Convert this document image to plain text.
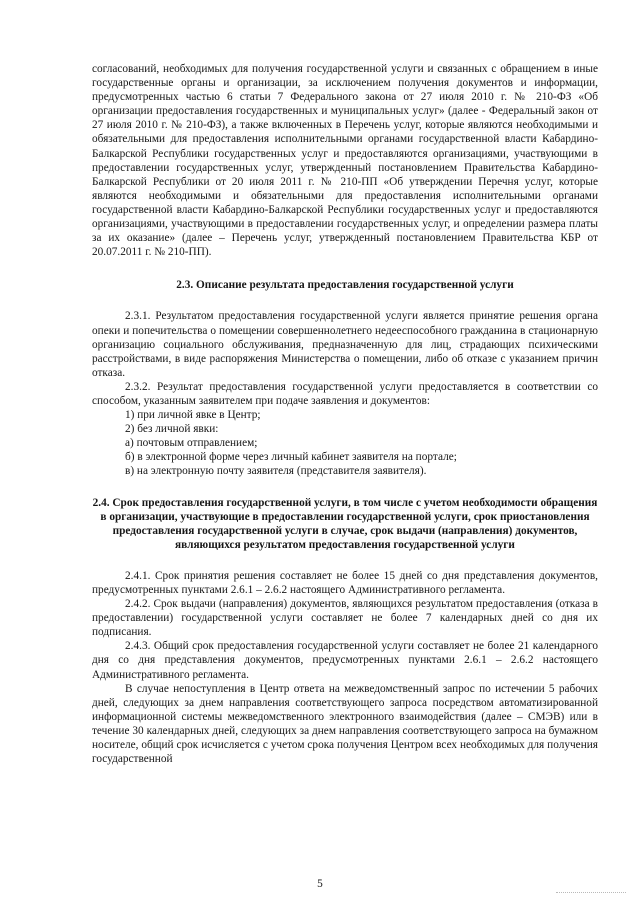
согласований, необходимых для получения государственной услуги и связанных с обращением в иные государственные органы и организации, за исключением получения документов и информации, предусмотренных частью 6 статьи 7 Федерального закона от 27 июля 2010 г. № 210-ФЗ «Об организации предоставления государственных и муниципальных услуг» (далее - Федеральный закон от 27 июля 2010 г. № 210-ФЗ), а также включенных в Перечень услуг, которые являются необходимыми и обязательными для предоставления исполнительными органами государственной власти Кабардино-Балкарской Республики государственных услуг и предоставляются организациями, участвующими в предоставлении государственных услуг, утвержденный постановлением Правительства Кабардино-Балкарской Республики от 20 июля 2011 г. № 210-ПП «Об утверждении Перечня услуг, которые являются необходимыми и обязательными для предоставления исполнительными органами государственной власти Кабардино-Балкарской Республики государственных услуг и предоставляются организациями, участвующими в предоставлении государственных услуг, и определении размера платы за их оказание» (далее – Перечень услуг, утвержденный постановлением Правительства КБР от 20.07.2011 г. № 210-ПП).

2.3. Описание результата предоставления государственной услуги

2.3.1. Результатом предоставления государственной услуги является принятие решения органа опеки и попечительства о помещении совершеннолетнего недееспособного гражданина в стационарную организацию социального обслуживания, предназначенную для лиц, страдающих психическими расстройствами, в виде распоряжения Министерства о помещении, либо об отказе с указанием причин отказа.

2.3.2. Результат предоставления государственной услуги предоставляется в соответствии со способом, указанным заявителем при подаче заявления и документов:

1) при личной явке в Центр;

2) без личной явки:

а) почтовым отправлением;

б) в электронной форме через личный кабинет заявителя на портале;

в) на электронную почту заявителя (представителя заявителя).

2.4. Срок предоставления государственной услуги, в том числе с учетом необходимости обращения в организации, участвующие в предоставлении государственной услуги, срок приостановления предоставления государственной услуги в случае, срок выдачи (направления) документов, являющихся результатом предоставления государственной услуги

2.4.1. Срок принятия решения составляет не более 15 дней со дня представления документов, предусмотренных пунктами 2.6.1 – 2.6.2 настоящего Административного регламента.

2.4.2. Срок выдачи (направления) документов, являющихся результатом предоставления (отказа в предоставлении) государственной услуги составляет не более 7 календарных дней со дня их подписания.

2.4.3. Общий срок предоставления государственной услуги составляет не более 21 календарного дня со дня представления документов, предусмотренных пунктами 2.6.1 – 2.6.2 настоящего Административного регламента.

В случае непоступления в Центр ответа на межведомственный запрос по истечении 5 рабочих дней, следующих за днем направления соответствующего запроса посредством автоматизированной информационной системы межведомственного электронного взаимодействия (далее – СМЭВ) или в течение 30 календарных дней, следующих за днем направления соответствующего запроса на бумажном носителе, общий срок исчисляется с учетом срока получения Центром всех необходимых для получения государственной

5
